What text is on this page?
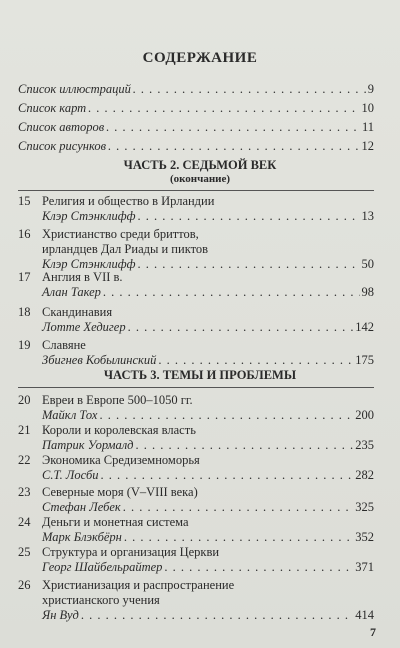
СОДЕРЖАНИЕ
Список иллюстраций . . .	9
Список карт . . .	10
Список авторов . . .	11
Список рисунков . . .	12
ЧАСТЬ 2. СЕДЬМОЙ ВЕК
(окончание)
15 Религия и общество в Ирландии
Клэр Стэнклифф . . .	13
16 Христианство среди бриттов,
ирландцев Дал Риады и пиктов
Клэр Стэнклифф . . .	50
17 Англия в VII в.
Алан Такер . . .	98
18 Скандинавия
Лотте Хедигер . . .	142
19 Славяне
Збигнев Кобылинский . . .	175
ЧАСТЬ 3. ТЕМЫ И ПРОБЛЕМЫ
20 Евреи в Европе 500–1050 гг.
Майкл Тох . . .	200
21 Короли и королевская власть
Патрик Уормалд . . .	235
22 Экономика Средиземноморья
С.Т. Лосби . . .	282
23 Северные моря (V–VIII века)
Стефан Лебек . . .	325
24 Деньги и монетная система
Марк Блэкбёрн . . .	352
25 Структура и организация Церкви
Георг Шайбельрайтер . . .	371
26 Христианизация и распространение
христианского учения
Ян Вуд . . .	414
7
